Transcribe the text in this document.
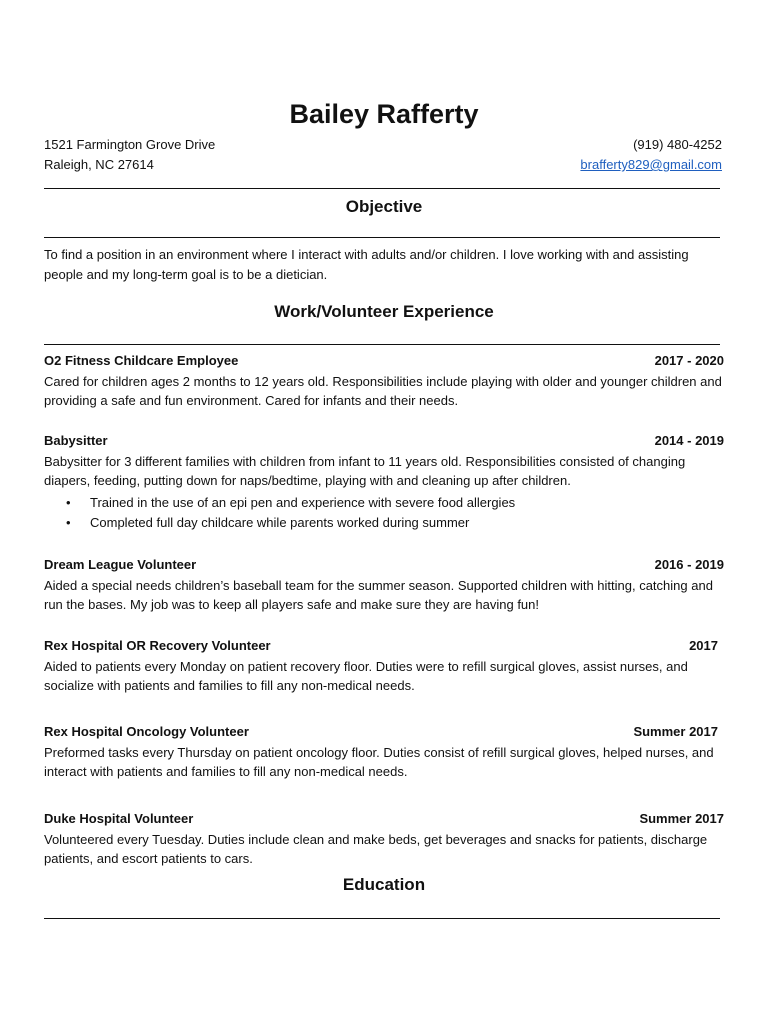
Bailey Rafferty
1521 Farmington Grove Drive	(919) 480-4252
Raleigh, NC 27614	brafferty829@gmail.com
Objective
To find a position in an environment where I interact with adults and/or children. I love working with and assisting people and my long-term goal is to be a dietician.
Work/Volunteer Experience
O2 Fitness Childcare Employee	2017 - 2020
Cared for children ages 2 months to 12 years old. Responsibilities include playing with older and younger children and providing a safe and fun environment. Cared for infants and their needs.
Babysitter	2014 - 2019
Babysitter for 3 different families with children from infant to 11 years old. Responsibilities consisted of changing diapers, feeding, putting down for naps/bedtime, playing with and cleaning up after children.
• Trained in the use of an epi pen and experience with severe food allergies
• Completed full day childcare while parents worked during summer
Dream League Volunteer	2016 - 2019
Aided a special needs children’s baseball team for the summer season. Supported children with hitting, catching and run the bases. My job was to keep all players safe and make sure they are having fun!
Rex Hospital OR Recovery Volunteer	2017
Aided to patients every Monday on patient recovery floor. Duties were to refill surgical gloves, assist nurses, and socialize with patients and families to fill any non-medical needs.
Rex Hospital Oncology Volunteer	Summer 2017
Preformed tasks every Thursday on patient oncology floor. Duties consist of refill surgical gloves, helped nurses, and interact with patients and families to fill any non-medical needs.
Duke Hospital Volunteer	Summer 2017
Volunteered every Tuesday. Duties include clean and make beds, get beverages and snacks for patients, discharge patients, and escort patients to cars.
Education
